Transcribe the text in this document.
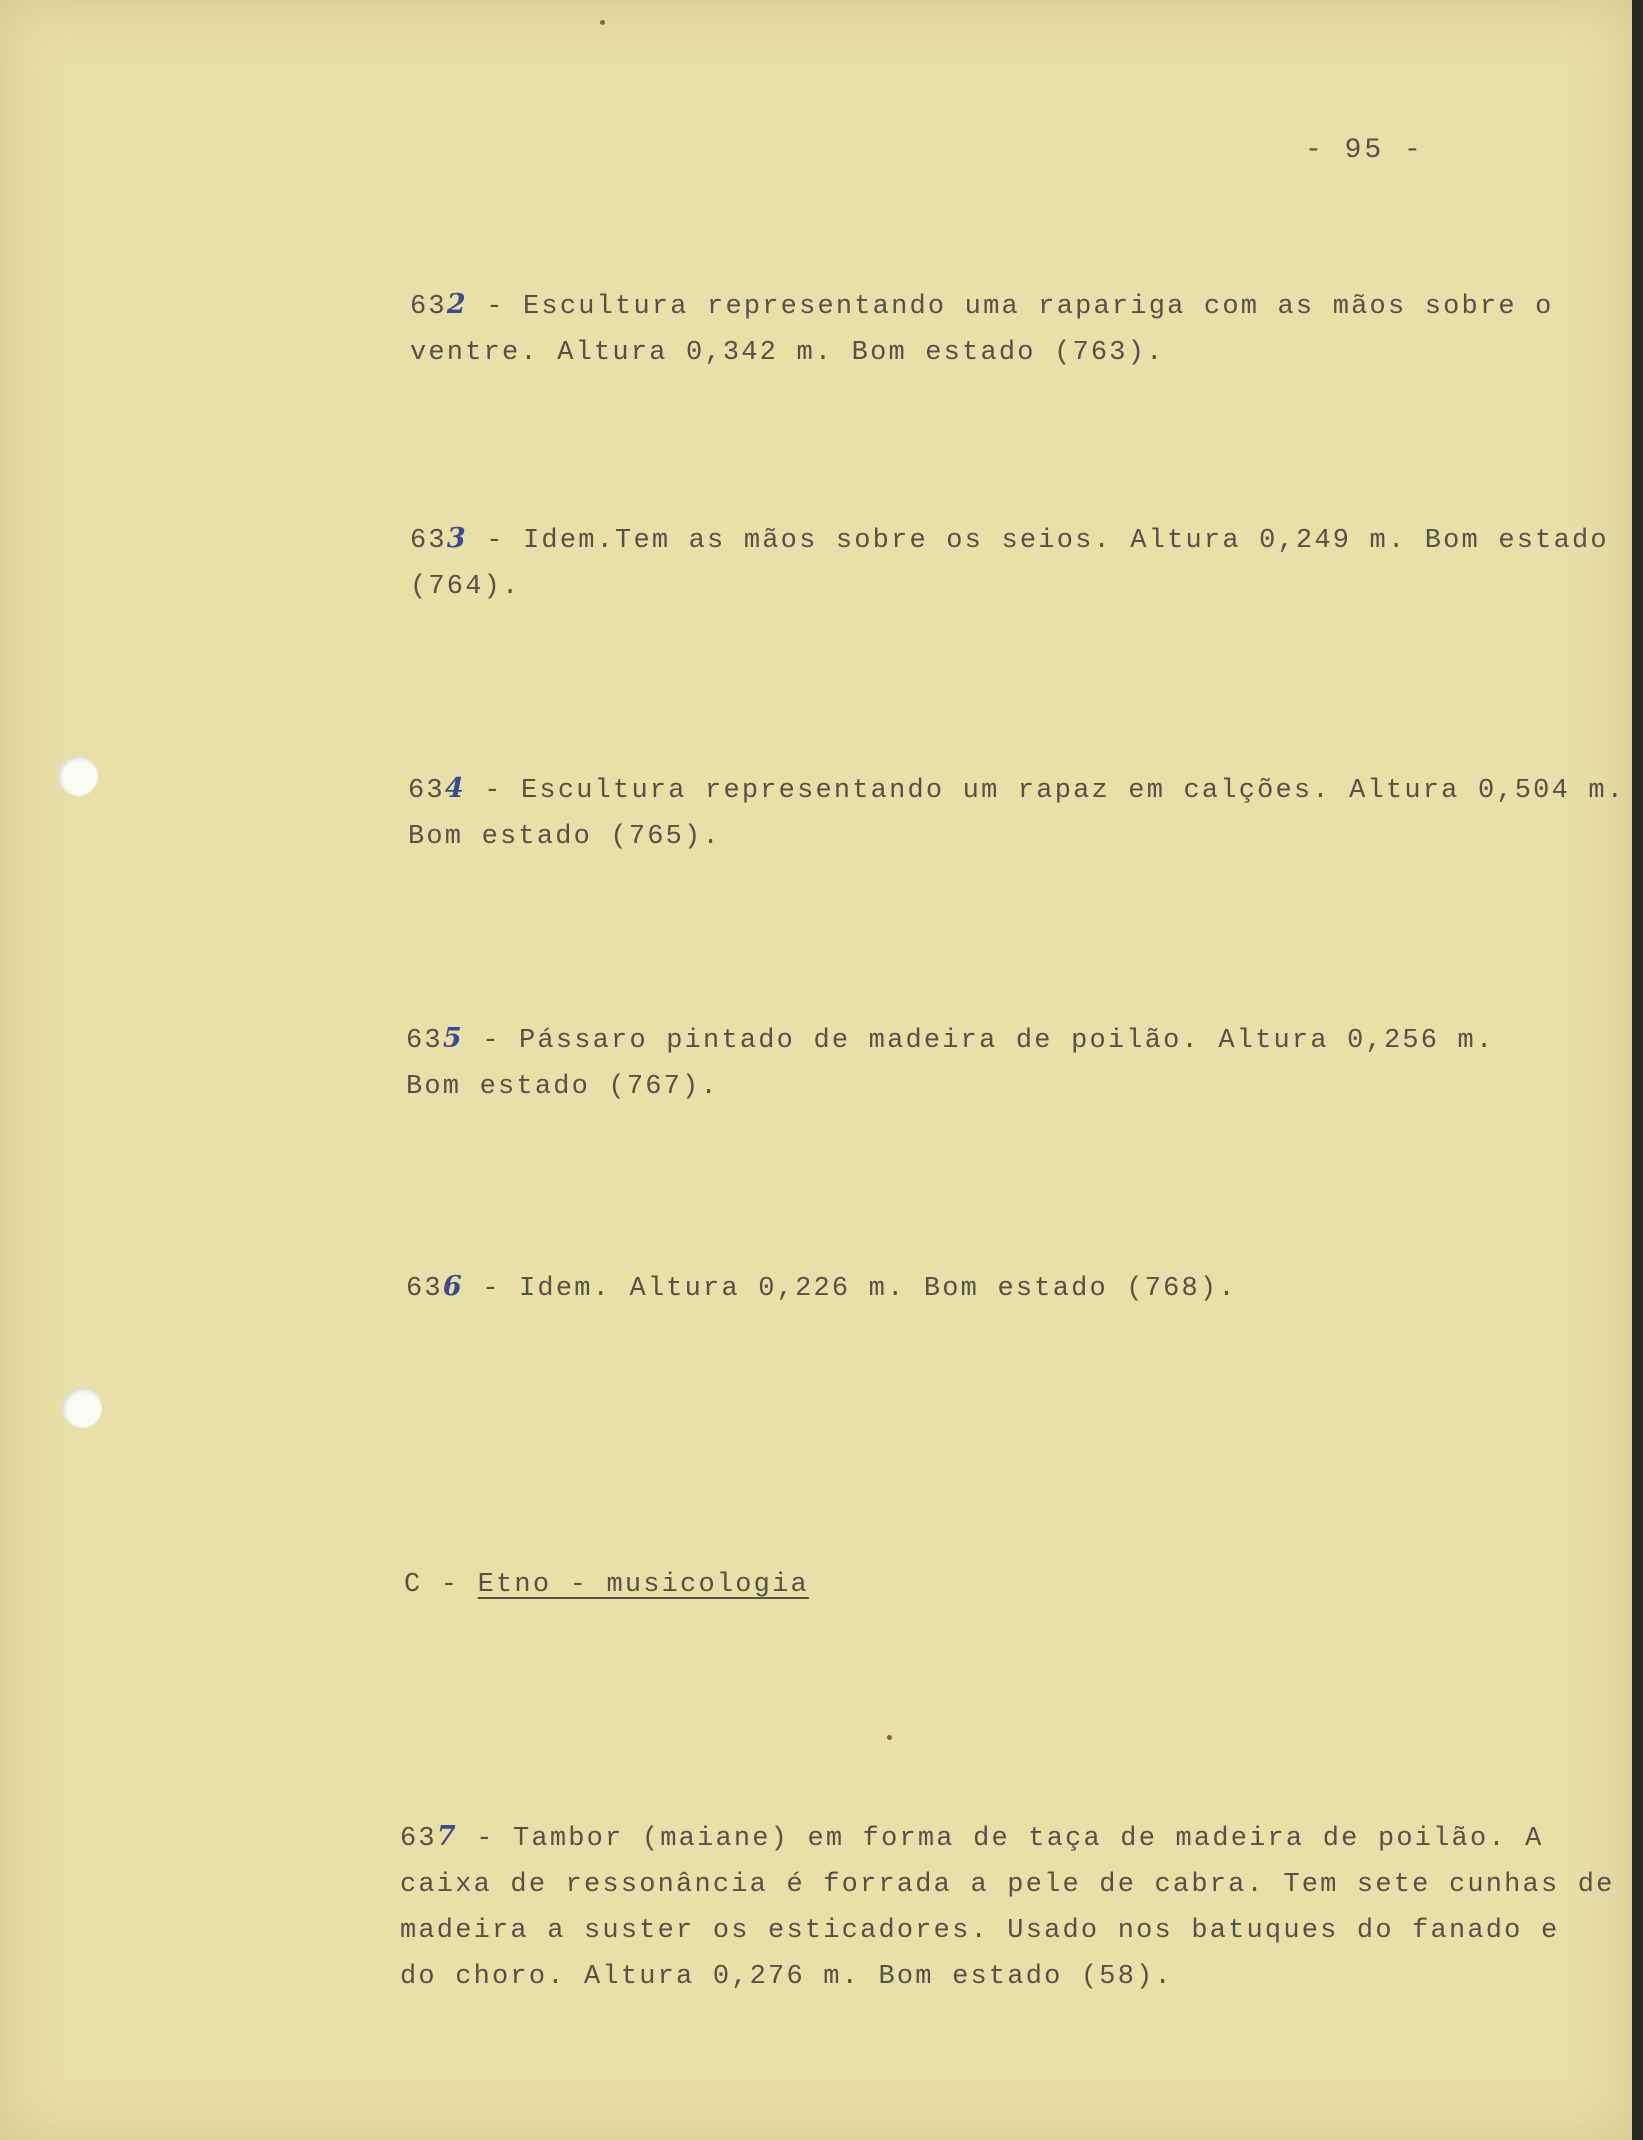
- 95 -
632 - Escultura representando uma rapariga com as mãos sobre o
ventre. Altura 0,342 m. Bom estado (763).
633 - Idem.Tem as mãos sobre os seios. Altura 0,249 m. Bom estado
(764).
634 - Escultura representando um rapaz em calções. Altura 0,504 m.
Bom estado (765).
635 - Pássaro pintado de madeira de poilão. Altura 0,256 m.
Bom estado (767).
636 - Idem. Altura 0,226 m. Bom estado (768).
C - Etno - musicologia
637 - Tambor (maiane) em forma de taça de madeira de poilão. A
caixa de ressonância é forrada a pele de cabra. Tem sete cunhas de
madeira a suster os esticadores. Usado nos batuques do fanado e
do choro. Altura 0,276 m. Bom estado (58).
